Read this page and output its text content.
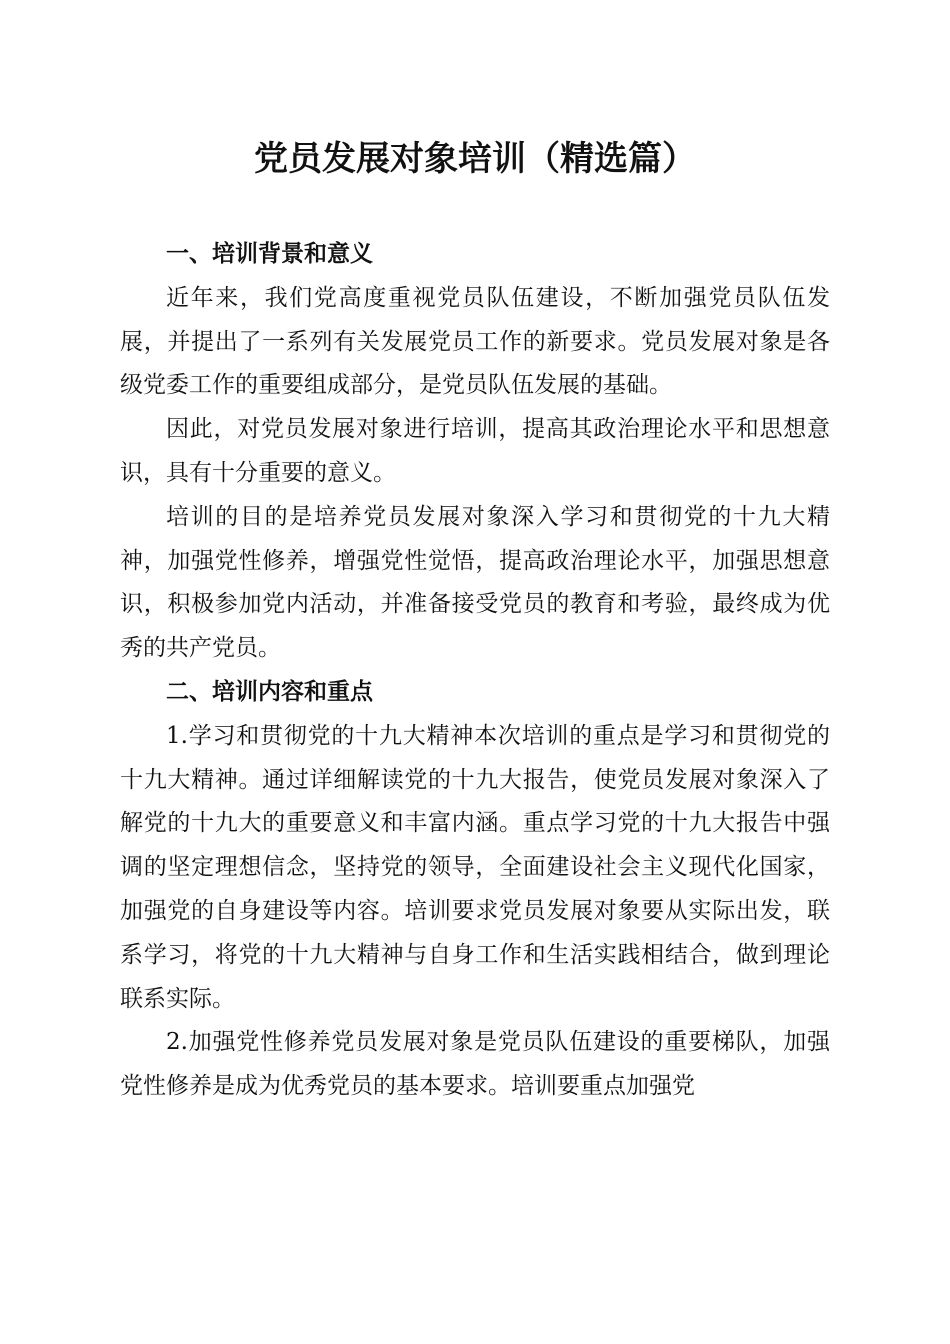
党员发展对象培训（精选篇）
一、培训背景和意义

近年来，我们党高度重视党员队伍建设，不断加强党员队伍发展，并提出了一系列有关发展党员工作的新要求。党员发展对象是各级党委工作的重要组成部分，是党员队伍发展的基础。

因此，对党员发展对象进行培训，提高其政治理论水平和思想意识，具有十分重要的意义。

培训的目的是培养党员发展对象深入学习和贯彻党的十九大精神，加强党性修养，增强党性觉悟，提高政治理论水平，加强思想意识，积极参加党内活动，并准备接受党员的教育和考验，最终成为优秀的共产党员。

二、培训内容和重点

1.学习和贯彻党的十九大精神本次培训的重点是学习和贯彻党的十九大精神。通过详细解读党的十九大报告，使党员发展对象深入了解党的十九大的重要意义和丰富内涵。重点学习党的十九大报告中强调的坚定理想信念，坚持党的领导，全面建设社会主义现代化国家，加强党的自身建设等内容。培训要求党员发展对象要从实际出发，联系学习，将党的十九大精神与自身工作和生活实践相结合，做到理论联系实际。

2.加强党性修养党员发展对象是党员队伍建设的重要梯队，加强党性修养是成为优秀党员的基本要求。培训要重点加强党
